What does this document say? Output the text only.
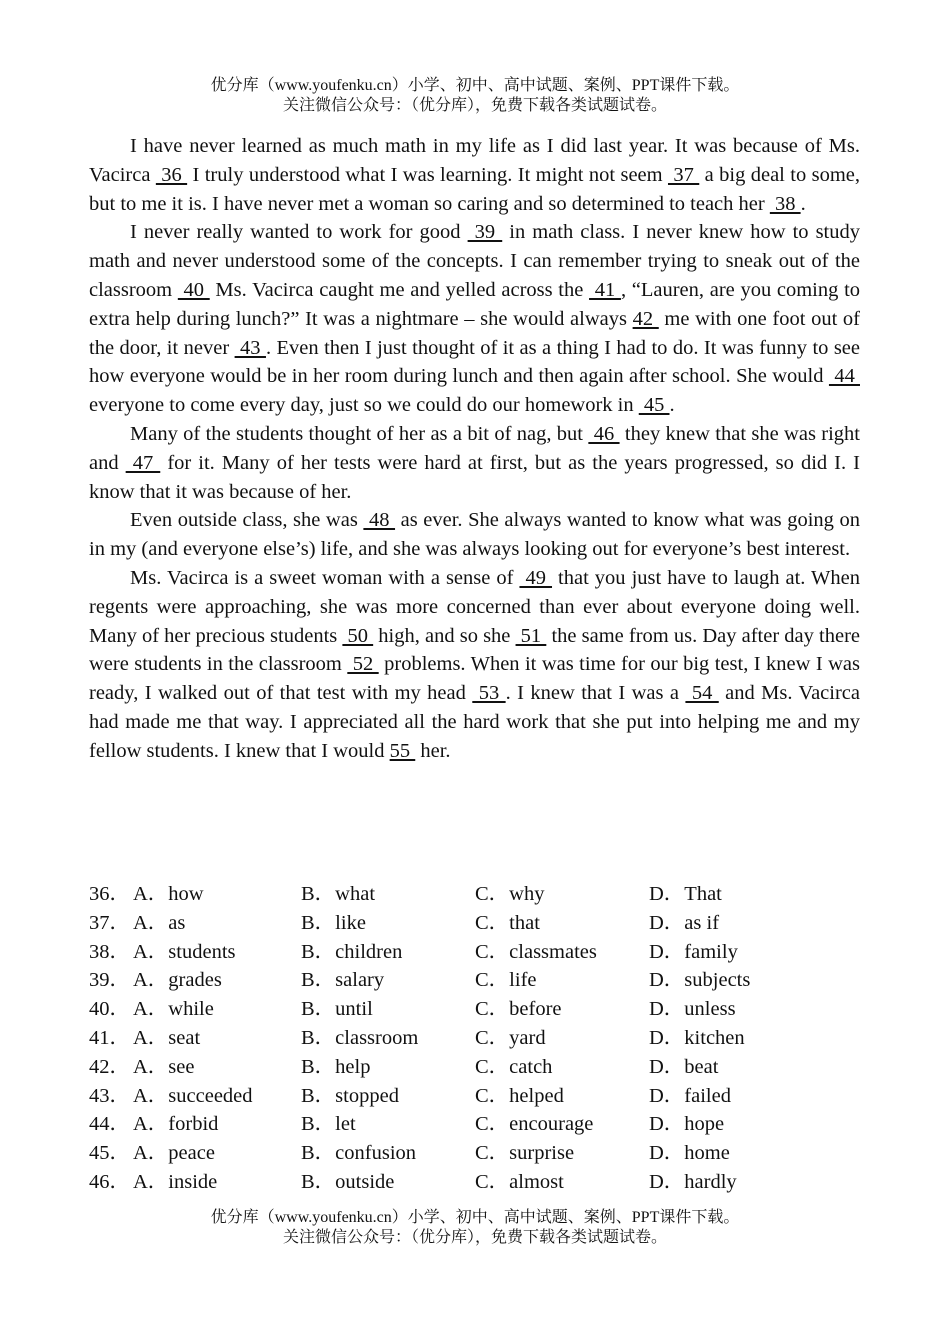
优分库（www.youfenku.cn）小学、初中、高中试题、案例、PPT课件下载。
关注微信公众号：（优分库），免费下载各类试题试卷。

I have never learned as much math in my life as I did last year. It was because of Ms. Vacirca  36  I truly understood what I was learning. It might not seem  37  a big deal to some, but to me it is. I have never met a woman so caring and so determined to teach her  38 .

I never really wanted to work for good  39  in math class. I never knew how to study math and never understood some of the concepts. I can remember trying to sneak out of the classroom  40  Ms. Vacirca caught me and yelled across the  41 , “Lauren, are you coming to extra help during lunch?” It was a nightmare – she would always 42  me with one foot out of the door, it never  43 . Even then I just thought of it as a thing I had to do. It was funny to see how everyone would be in her room during lunch and then again after school. She would  44  everyone to come every day, just so we could do our homework in  45 .

Many of the students thought of her as a bit of nag, but  46  they knew that she was right and  47  for it. Many of her tests were hard at first, but as the years progressed, so did I. I know that it was because of her.

Even outside class, she was  48  as ever. She always wanted to know what was going on in my (and everyone else’s) life, and she was always looking out for everyone’s best interest.

Ms. Vacirca is a sweet woman with a sense of  49  that you just have to laugh at. When regents were approaching, she was more concerned than ever about everyone doing well. Many of her precious students  50  high, and so she  51  the same from us. Day after day there were students in the classroom  52  problems. When it was time for our big test, I knew I was ready, I walked out of that test with my head  53 . I knew that I was a  54  and Ms. Vacirca had made me that way. I appreciated all the hard work that she put into helping me and my fellow students. I knew that I would 55  her.

36． A．how	B．what	C．why	D．That
37． A．as	B．like	C．that	D．as if
38． A．students	B．children	C．classmates	D．family
39． A．grades	B．salary	C．life	D．subjects
40． A．while	B．until	C．before	D．unless
41． A．seat	B．classroom	C．yard	D．kitchen
42． A．see	B．help	C．catch	D．beat
43． A．succeeded B．stopped	C．helped	D．failed
44． A．forbid	B．let	C．encourage	D．hope
45． A．peace	B．confusion	C．surprise	D．home
46． A．inside	B．outside	C．almost	D．hardly
优分库（www.youfenku.cn）小学、初中、高中试题、案例、PPT课件下载。
关注微信公众号：（优分库），免费下载各类试题试卷。
